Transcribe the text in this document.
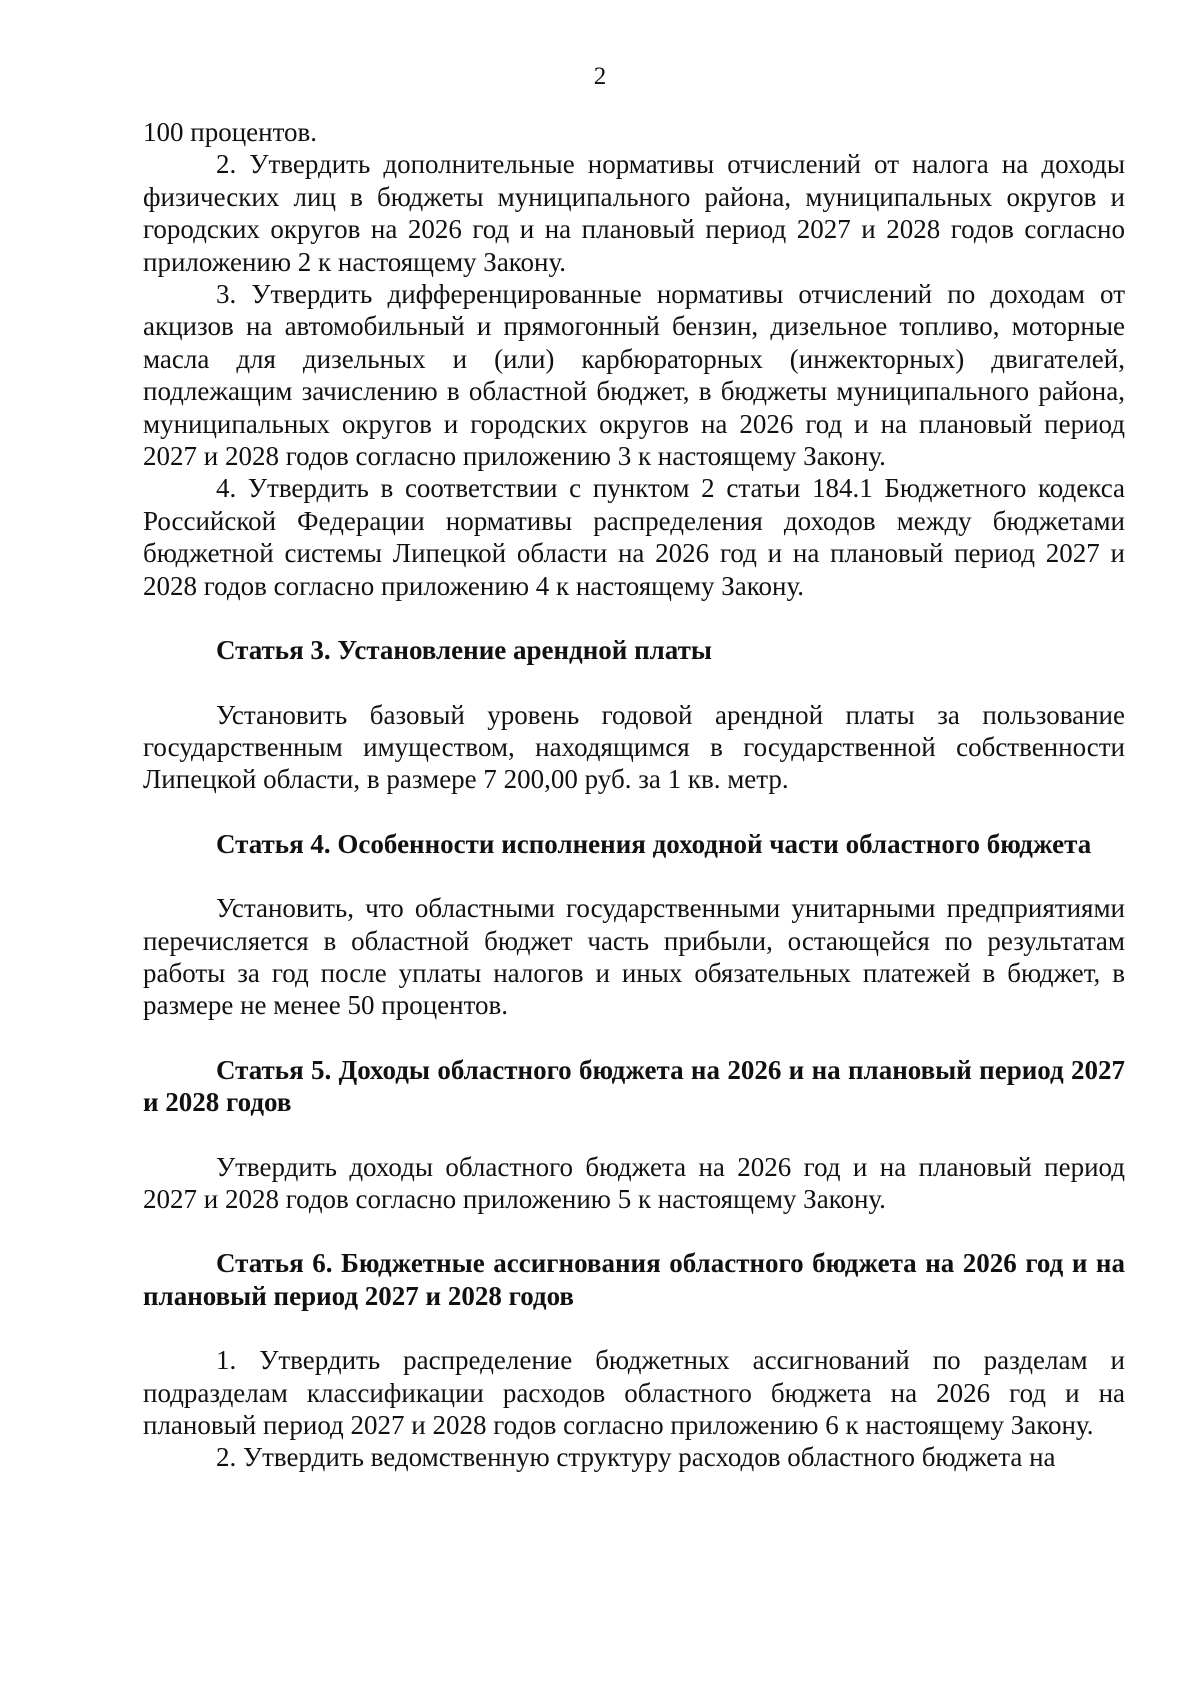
2

100 процентов.

2. Утвердить дополнительные нормативы отчислений от налога на доходы физических лиц в бюджеты муниципального района, муниципальных округов и городских округов на 2026 год и на плановый период 2027 и 2028 годов согласно приложению 2 к настоящему Закону.

3. Утвердить дифференцированные нормативы отчислений по доходам от акцизов на автомобильный и прямогонный бензин, дизельное топливо, моторные масла для дизельных и (или) карбюраторных (инжекторных) двигателей, подлежащим зачислению в областной бюджет, в бюджеты муниципального района, муниципальных округов и городских округов на 2026 год и на плановый период 2027 и 2028 годов согласно приложению 3 к настоящему Закону.

4. Утвердить в соответствии с пунктом 2 статьи 184.1 Бюджетного кодекса Российской Федерации нормативы распределения доходов между бюджетами бюджетной системы Липецкой области на 2026 год и на плановый период 2027 и 2028 годов согласно приложению 4 к настоящему Закону.

Статья 3. Установление арендной платы

Установить базовый уровень годовой арендной платы за пользование государственным имуществом, находящимся в государственной собственности Липецкой области, в размере 7 200,00 руб. за 1 кв. метр.

Статья 4. Особенности исполнения доходной части областного бюджета

Установить, что областными государственными унитарными предприятиями перечисляется в областной бюджет часть прибыли, остающейся по результатам работы за год после уплаты налогов и иных обязательных платежей в бюджет, в размере не менее 50 процентов.

Статья 5. Доходы областного бюджета на 2026 и на плановый период 2027 и 2028 годов

Утвердить доходы областного бюджета на 2026 год и на плановый период 2027 и 2028 годов согласно приложению 5 к настоящему Закону.

Статья 6. Бюджетные ассигнования областного бюджета на 2026 год и на плановый период 2027 и 2028 годов

1. Утвердить распределение бюджетных ассигнований по разделам и подразделам классификации расходов областного бюджета на 2026 год и на плановый период 2027 и 2028 годов согласно приложению 6 к настоящему Закону.

2. Утвердить ведомственную структуру расходов областного бюджета на
